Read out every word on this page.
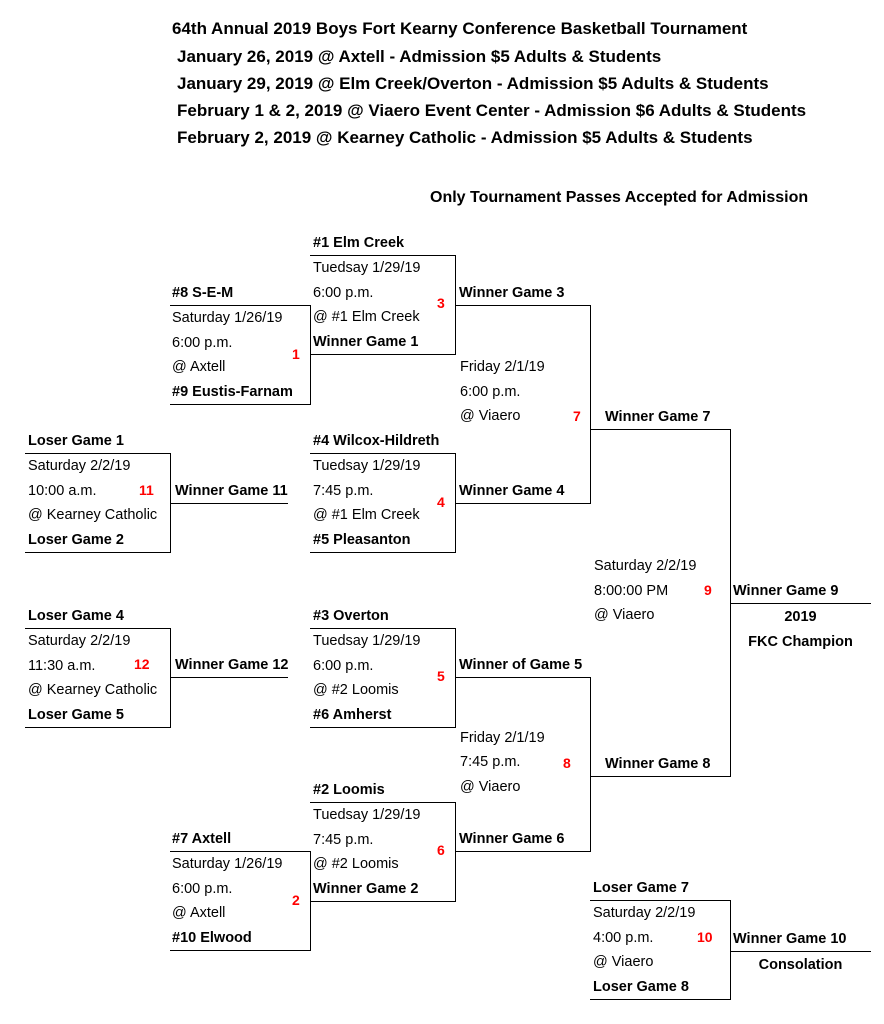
64th Annual 2019 Boys Fort Kearny Conference Basketball Tournament
January 26, 2019 @ Axtell - Admission $5 Adults & Students
January 29, 2019 @ Elm Creek/Overton - Admission $5 Adults & Students
February 1 & 2, 2019 @ Viaero Event Center - Admission $6 Adults & Students
February 2, 2019 @ Kearney Catholic - Admission $5 Adults & Students
Only Tournament Passes Accepted for Admission
#8 S-E-M
Saturday 1/26/19
6:00 p.m.
@ Axtell
#9 Eustis-Farnam
1
#1 Elm Creek
Tuedsay 1/29/19
6:00 p.m.
@ #1 Elm Creek
Winner Game 1
3
Winner Game 3
#4 Wilcox-Hildreth
Tuedsay 1/29/19
7:45 p.m.
@ #1 Elm Creek
#5 Pleasanton
4
Winner Game 4
Friday 2/1/19
6:00 p.m.
@ Viaero	7 Winner Game 7
Loser Game 1
Saturday 2/2/19
10:00 a.m.
@ Kearney Catholic
Loser Game 2
11 Winner Game 11
Loser Game 4
Saturday 2/2/19
11:30 a.m.
@ Kearney Catholic
Loser Game 5
12 Winner Game 12
#3 Overton
Tuedsay 1/29/19
6:00 p.m.
@ #2 Loomis
#6 Amherst
5
Winner of Game 5
#2 Loomis
Tuedsay 1/29/19
7:45 p.m.
@ #2 Loomis
Winner Game 2
6
Winner Game 6
Friday 2/1/19
7:45 p.m.
@ Viaero
8 Winner Game 8
#7 Axtell
Saturday 1/26/19
6:00 p.m.
@ Axtell
#10 Elwood
2
Saturday 2/2/19
8:00:00 PM
@ Viaero
9 Winner Game 9
2019
FKC Champion
Loser Game 7
Saturday 2/2/19
4:00 p.m.
@ Viaero
Loser Game 8
10 Winner Game 10
Consolation
